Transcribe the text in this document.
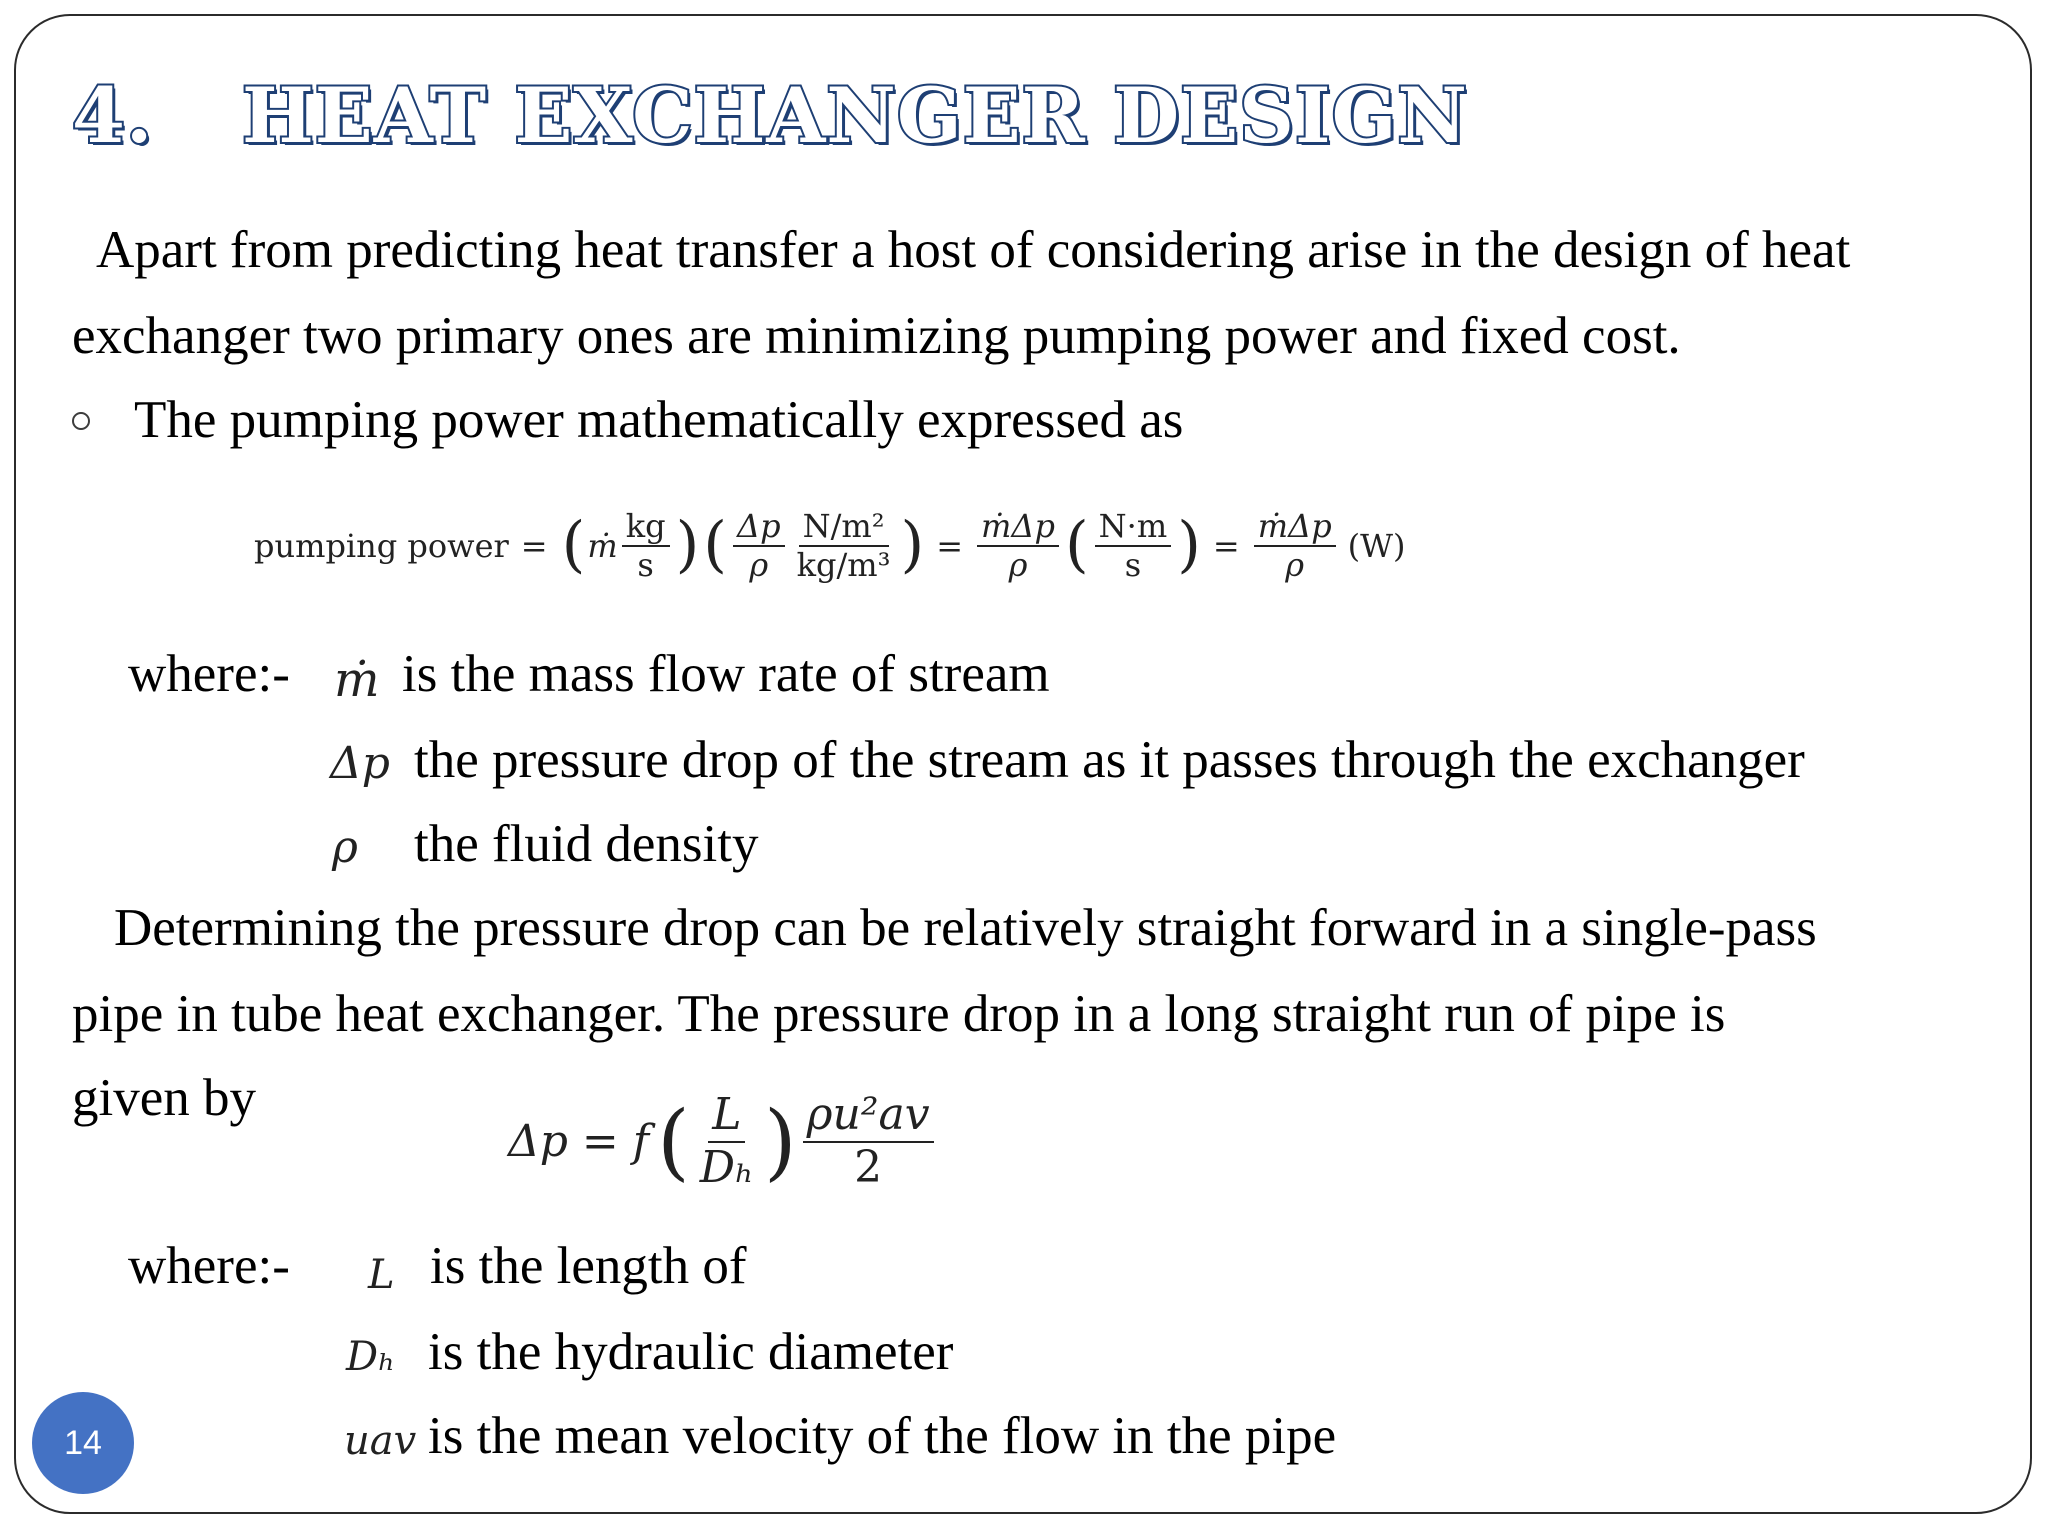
4. HEAT EXCHANGER DESIGN
Apart from predicting heat transfer a host of considering arise in the design of heat
exchanger two primary ones are minimizing pumping power and fixed cost.
The pumping power mathematically expressed as
pumping power = ( ṁ $\frac{kg}{s}$ ) ( $\frac{\Delta p}{\rho} \frac{\text{N/m²}}{\text{kg/m³}}$ ) = $\frac{\text{ṁΔp}}{\rho}$ ( $\frac{N\cdot m}{s}$ ) = $\frac{\text{ṁΔp}}{\rho} (W)$
where:- ṁ is the mass flow rate of stream
Δp the pressure drop of the stream as it passes through the exchanger
ρ the fluid density
Determining the pressure drop can be relatively straight forward in a single-pass
pipe in tube heat exchanger. The pressure drop in a long straight run of pipe is
given by
Δp = f ( $\frac{L}{\text{Dₕ}}$ ) $\frac{\text{ρu²av}}{2}$
where:- L is the length of
Dₕ is the hydraulic diameter
uav is the mean velocity of the flow in the pipe
14
